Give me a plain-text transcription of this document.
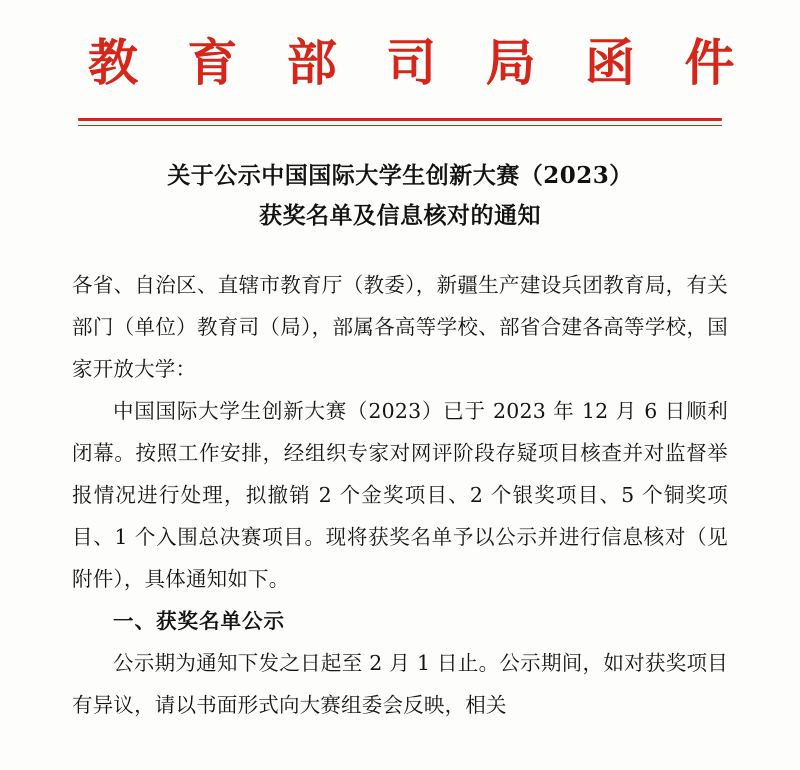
教 育 部 司 局 函 件
关于公示中国国际大学生创新大赛（2023）
获奖名单及信息核对的通知

各省、自治区、直辖市教育厅（教委），新疆生产建设兵团教育局，有关部门（单位）教育司（局），部属各高等学校、部省合建各高等学校，国家开放大学：

中国国际大学生创新大赛（2023）已于 2023 年 12 月 6 日顺利闭幕。按照工作安排，经组织专家对网评阶段存疑项目核查并对监督举报情况进行处理，拟撤销 2 个金奖项目、2 个银奖项目、5 个铜奖项目、1 个入围总决赛项目。现将获奖名单予以公示并进行信息核对（见附件），具体通知如下。

一、获奖名单公示

公示期为通知下发之日起至 2 月 1 日止。公示期间，如对获奖项目有异议，请以书面形式向大赛组委会反映，相关
